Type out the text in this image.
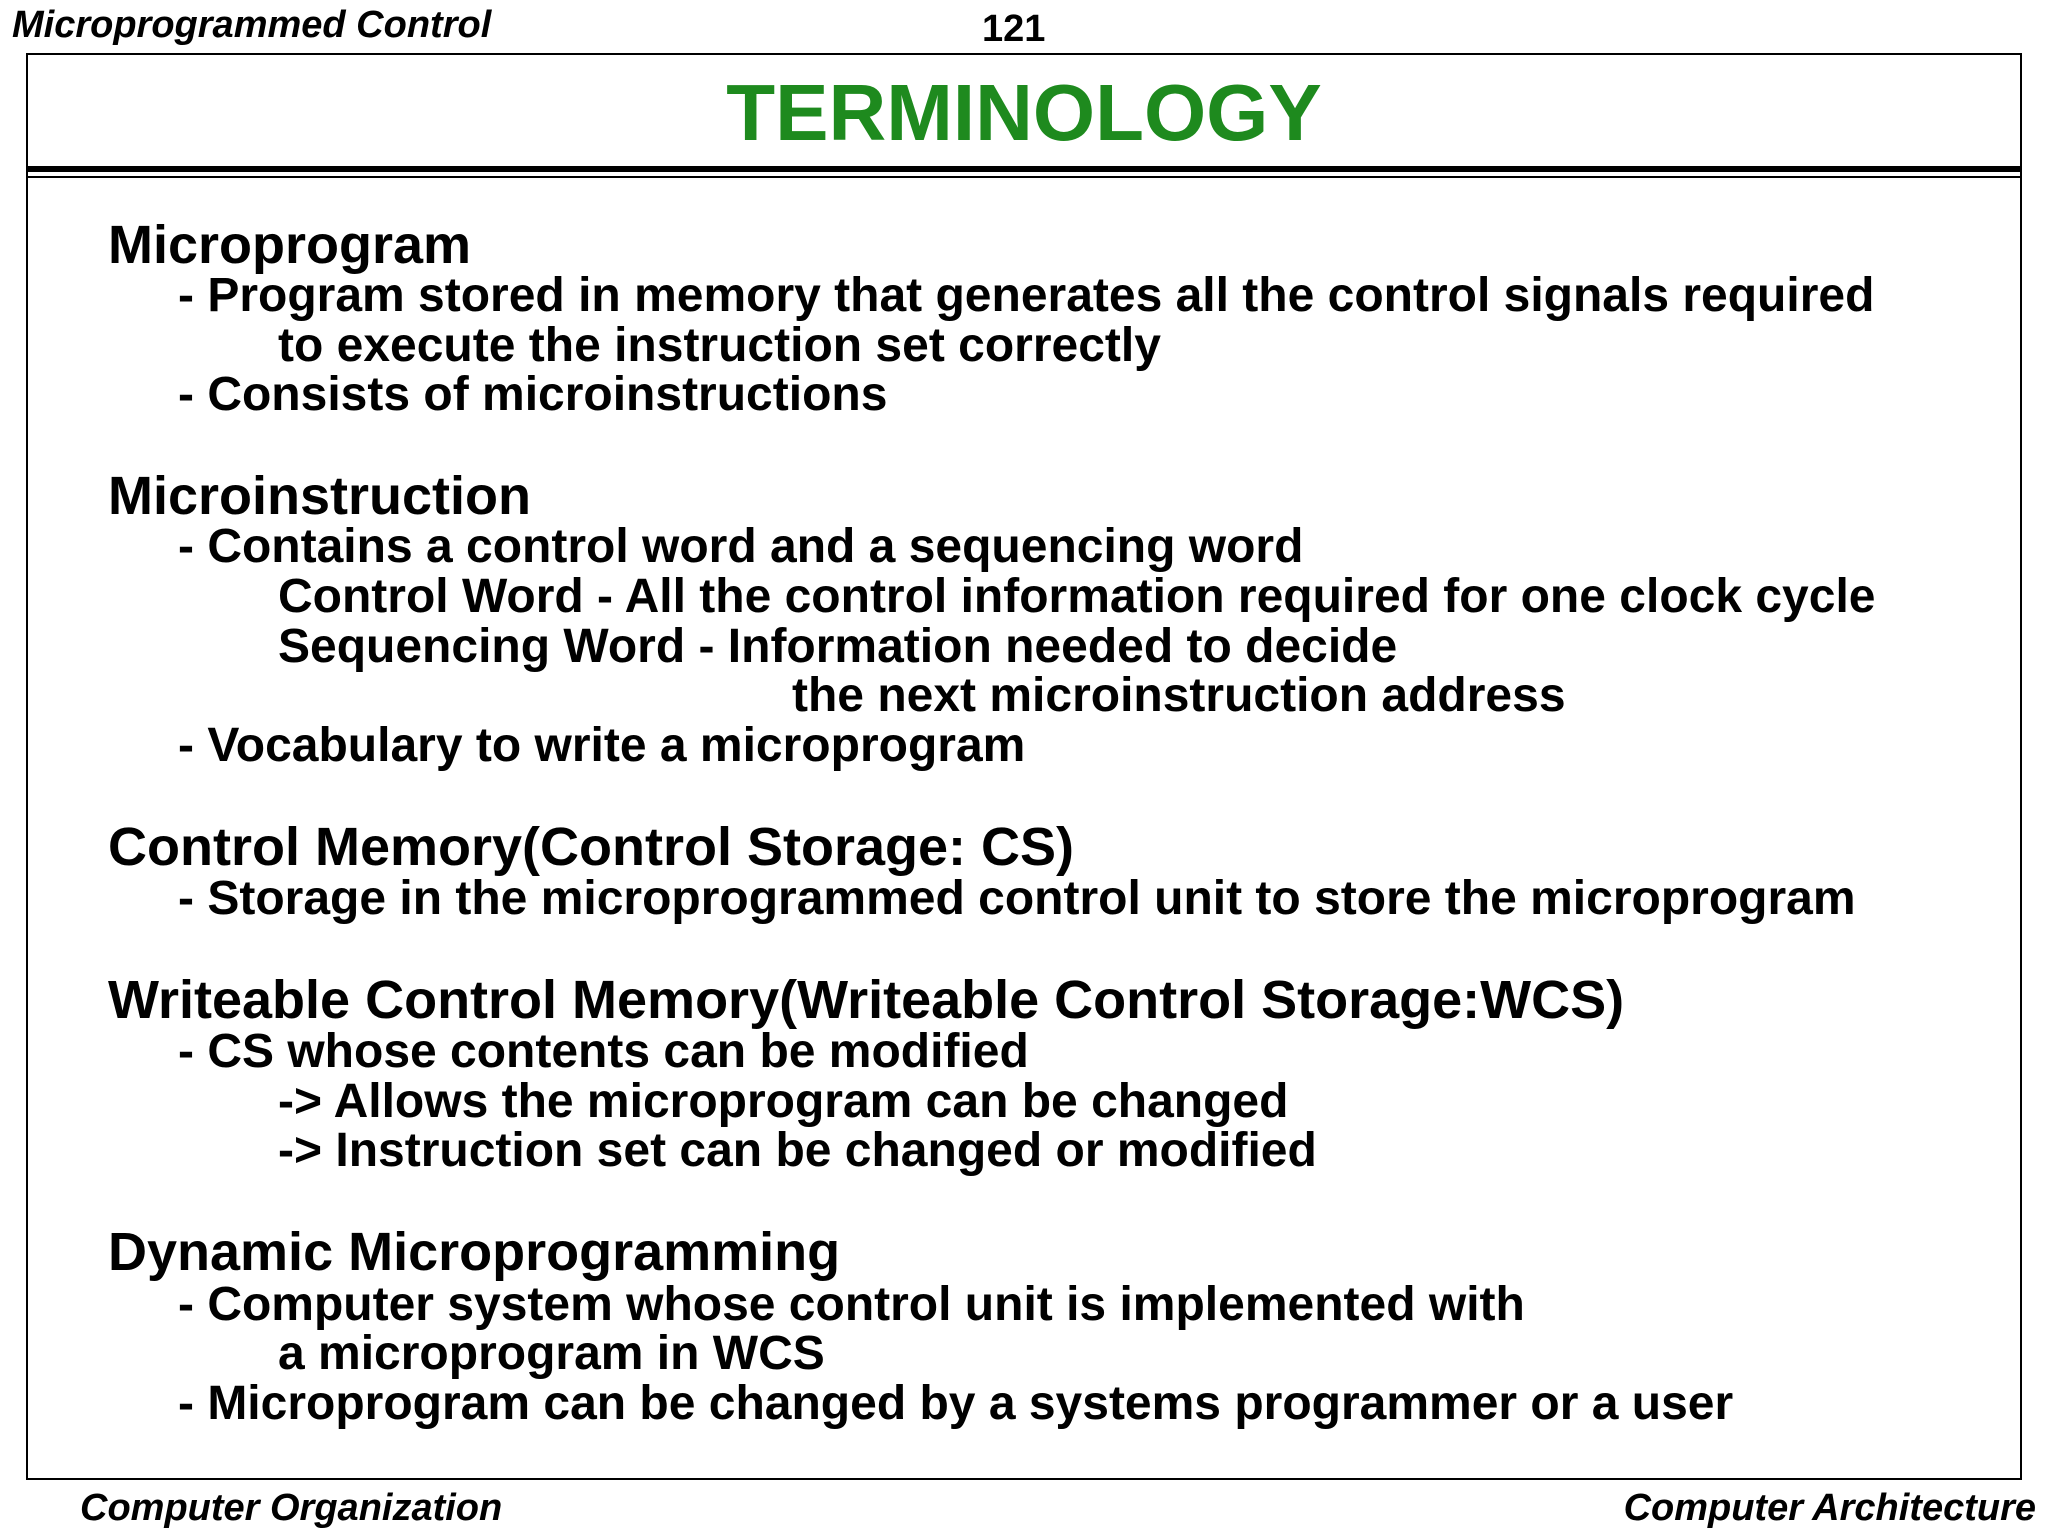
Microprogrammed Control	121
TERMINOLOGY
Microprogram
- Program stored in memory that generates all the control signals required
to execute the instruction set correctly
- Consists of microinstructions
Microinstruction
- Contains a control word and a sequencing word
Control Word - All the control information required for one clock cycle
Sequencing Word - Information needed to decide
the next microinstruction address
- Vocabulary to write a microprogram
Control Memory(Control Storage: CS)
- Storage in the microprogrammed control unit to store the microprogram
Writeable Control Memory(Writeable Control Storage:WCS)
- CS whose contents can be modified
-> Allows the microprogram can be changed
-> Instruction set can be changed or modified
Dynamic Microprogramming
- Computer system whose control unit is implemented with
a microprogram in WCS
- Microprogram can be changed by a systems programmer or a user
Computer Organization	Computer Architecture
